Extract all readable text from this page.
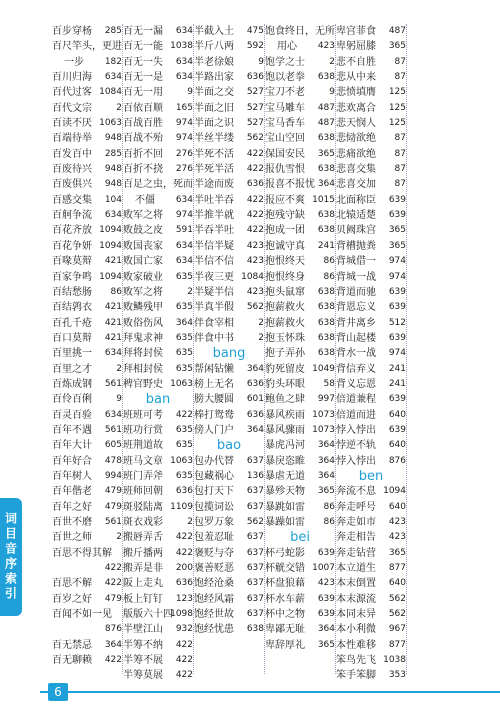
百步穿杨 285
百尺竿头，更进
一步 182
百川归海 634
百代过客 1084
百代文宗	2
百读不厌 1063
百端待举 948
百发百中 285
百废待兴 948
百废俱兴 948
百感交集 104
百舸争流 634
百花齐放 1094
百花争妍 1094
百喙莫辩 421
百家争鸣 1094
百结愁肠 86
百结鹑衣 421
百孔千疮 421
百口莫辩 421
百里挑一 634
百里之才	2
百炼成钢 561
百伶百俐	9
百灵百验 634
百年不遇 561
百年大计 605
百年好合 478
百年树人 994
百年偕老 479
百年之好 479
百世不磨 561
百世之师	2
百思不得其解
422
百思不解 422
百岁之好 479
百闻不如一见
876
百无禁忌 364
百无聊赖 422
百无一漏 634
百无一能 1038
百无一失 634
百无一是 634
百无一用	9
百依百顺 165
百战百胜 974
百战不殆 974
百折不回 276
百折不挠 276
百足之虫，死而
不僵 634
败军之将 974
败鼓之皮 591
败国丧家 634
败国亡家 634
败家破业 635
败军之将	2
败鳞残甲 635
败俗伤风 364
拜鬼求神 635
拜将封侯 635
拜相封侯 635
稗官野史 1063
ban
班班可考 422
班功行赏 635
班荆道故 635
班马文章 1063
班门弄斧 635
班师回朝 636
斑驳陆离 1109
斑衣戏彩	2
搬唇弄舌 422
搬斤播两 422
搬弄是非 200
阪上走丸 636
板上钉钉 123
版版六十四
1098
半壁江山 932
半筹不纳 422
半筹不展 422
半筹莫展 422
半截入土 475
半斤八两 592
半老徐娘	9
半路出家 636
半面之交 527
半面之旧 527
半面之识 527
半丝半缕 562
半死不活 422
半死半活 422
半途而废 636
半吐半吞 422
半推半就 422
半吞半吐 422
半信半疑 423
半信不信 423
半夜三更 1084
半疑半信 423
半真半假 562
伴食宰相	2
伴食中书	2
bang
帮闲钻懒 364
榜上无名 636
膀大腰圆 601
棒打鸳鸯 636
傍人门户 364
bao
包办代替 637
包藏祸心 136
包打天下 637
包揽词讼 637
包罗万象 562
包羞忍耻 637
褒贬与夺 637
褒善贬恶 637
饱经沧桑 637
饱经风霜 637
饱经世故 637
饱经忧患 638
饱食终日，无所
用心 423
饱学之士	2
饱以老拳 638
宝刀不老	9
宝马雕车 487
宝马香车 487
宝山空回 638
保国安民 365
报仇雪恨 638
报喜不报忧 364
报应不爽 1015
抱残守缺 638
抱成一团 638
抱诚守真 241
抱恨终天 86
抱恨终身 86
抱头鼠窜 638
抱薪救火 638
抱薪救火 638
抱玉怀珠 638
抱子弄孙 638
豹死留皮 1049
豹头环眼 58
鲍鱼之肆 997
暴风疾雨 1073
暴风骤雨 1073
暴虎冯河 364
暴戾恣睢 364
暴虐无道 364
暴殄天物 365
暴跳如雷 86
暴躁如雷 86
bei
杯弓蛇影 639
杯觥交错 1007
杯盘狼藉 423
杯水车薪 639
杯中之物 639
卑鄙无耻 364
卑辞厚礼 365
卑宫菲食 487
卑躬屈膝 365
悲不自胜 87
悲从中来 87
悲愤填膺 125
悲欢离合 125
悲天悯人 125
悲恸欲绝 87
悲痛欲绝 87
悲喜交集 87
悲喜交加 87
北面称臣 639
北辕适楚 639
贝阙珠宫 365
背槽抛粪 365
背城借一 974
背城一战 974
背道而驰 639
背恩忘义 639
背井离乡 512
背山起楼 639
背水一战 974
背信弃义 241
背义忘恩 241
倍道兼程 639
倍道而进 640
悖入悖出 639
悖逆不轨 640
悖入悖出 876
ben
奔流不息 1094
奔走呼号 640
奔走如市 423
奔走相告 423
奔走钻营 365
本立道生 877
本末倒置 640
本末源流 562
本同末异 562
本小利微 967
本性难移 877
笨鸟先飞 1038
笨手笨脚 353
词目音序索引
6
